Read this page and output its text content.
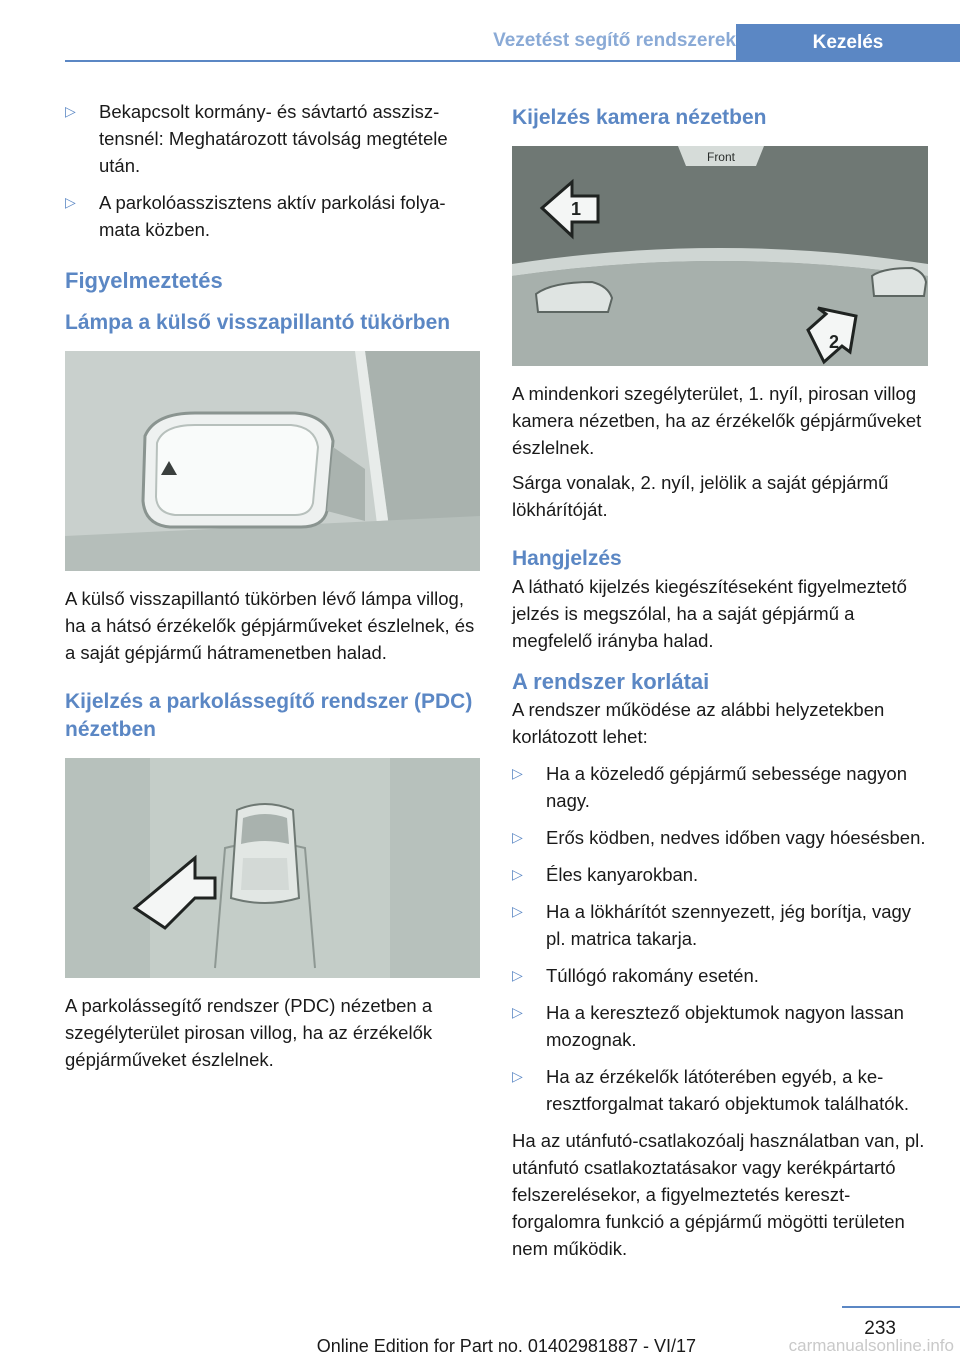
Vezetést segítő rendszerek	Kezelés
▷ Bekapcsolt kormány- és sávtartó asszisztensnél: Meghatározott távolság megtétele után.
▷ A parkolóasszisztens aktív parkolási folyamata közben.
Figyelmeztetés
Lámpa a külső visszapillantó tükörben

A külső visszapillantó tükörben lévő lámpa villog, ha a hátsó érzékelők gépjárműveket észlelnek, és a saját gépjármű hátramenetben halad.

Kijelzés a parkolássegítő rendszer (PDC) nézetben

A parkolássegítő rendszer (PDC) nézetben a szegélyterület pirosan villog, ha az érzékelők gépjárműveket észlelnek.

Kijelzés kamera nézetben
Front
1
2

A mindenkori szegélyterület, 1. nyíl, pirosan villog kamera nézetben, ha az érzékelők gépjárműveket észlelnek.

Sárga vonalak, 2. nyíl, jelölik a saját gépjármű lökhárítóját.

Hangjelzés

A látható kijelzés kiegészítéseként figyelmeztető jelzés is megszólal, ha a saját gépjármű a megfelelő irányba halad.

A rendszer korlátai

A rendszer működése az alábbi helyzetekben korlátozott lehet:

▷ Ha a közeledő gépjármű sebessége nagyon nagy.
▷ Erős ködben, nedves időben vagy hóesésben.
▷ Éles kanyarokban.
▷ Ha a lökhárítót szennyezett, jég borítja, vagy pl. matrica takarja.
▷ Túllógó rakomány esetén.
▷ Ha a keresztező objektumok nagyon lassan mozognak.
▷ Ha az érzékelők látóterében egyéb, a keresztforgalmat takaró objektumok találhatók.

Ha az utánfutó-csatlakozóalj használatban van, pl. utánfutó csatlakoztatásakor vagy kerékpártartó felszerelésekor, a figyelmeztetés keresztforgalomra funkció a gépjármű mögötti területen nem működik.

233
carmanualsonline.info
Online Edition for Part no. 01402981887 - VI/17
